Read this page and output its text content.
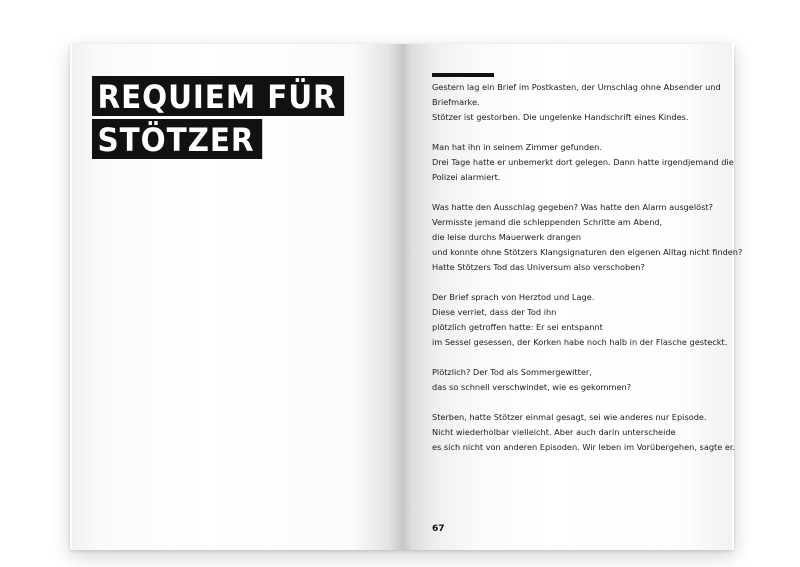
REQUIEM FÜR
STÖTZER

Gestern lag ein Brief im Postkasten, der Umschlag ohne Absender und
Briefmarke.
Stötzer ist gestorben. Die ungelenke Handschrift eines Kindes.

Man hat ihn in seinem Zimmer gefunden.
Drei Tage hatte er unbemerkt dort gelegen. Dann hatte irgendjemand die
Polizei alarmiert.

Was hatte den Ausschlag gegeben? Was hatte den Alarm ausgelöst?
Vermisste jemand die schleppenden Schritte am Abend,
die leise durchs Mauerwerk drangen
und konnte ohne Stötzers Klangsignaturen den eigenen Alltag nicht finden?
Hatte Stötzers Tod das Universum also verschoben?

Der Brief sprach von Herztod und Lage.
Diese verriet, dass der Tod ihn
plötzlich getroffen hatte: Er sei entspannt
im Sessel gesessen, der Korken habe noch halb in der Flasche gesteckt.

Plötzlich? Der Tod als Sommergewitter,
das so schnell verschwindet, wie es gekommen?

Sterben, hatte Stötzer einmal gesagt, sei wie anderes nur Episode.
Nicht wiederholbar vielleicht. Aber auch darin unterscheide
es sich nicht von anderen Episoden. Wir leben im Vorübergehen, sagte er.

67
